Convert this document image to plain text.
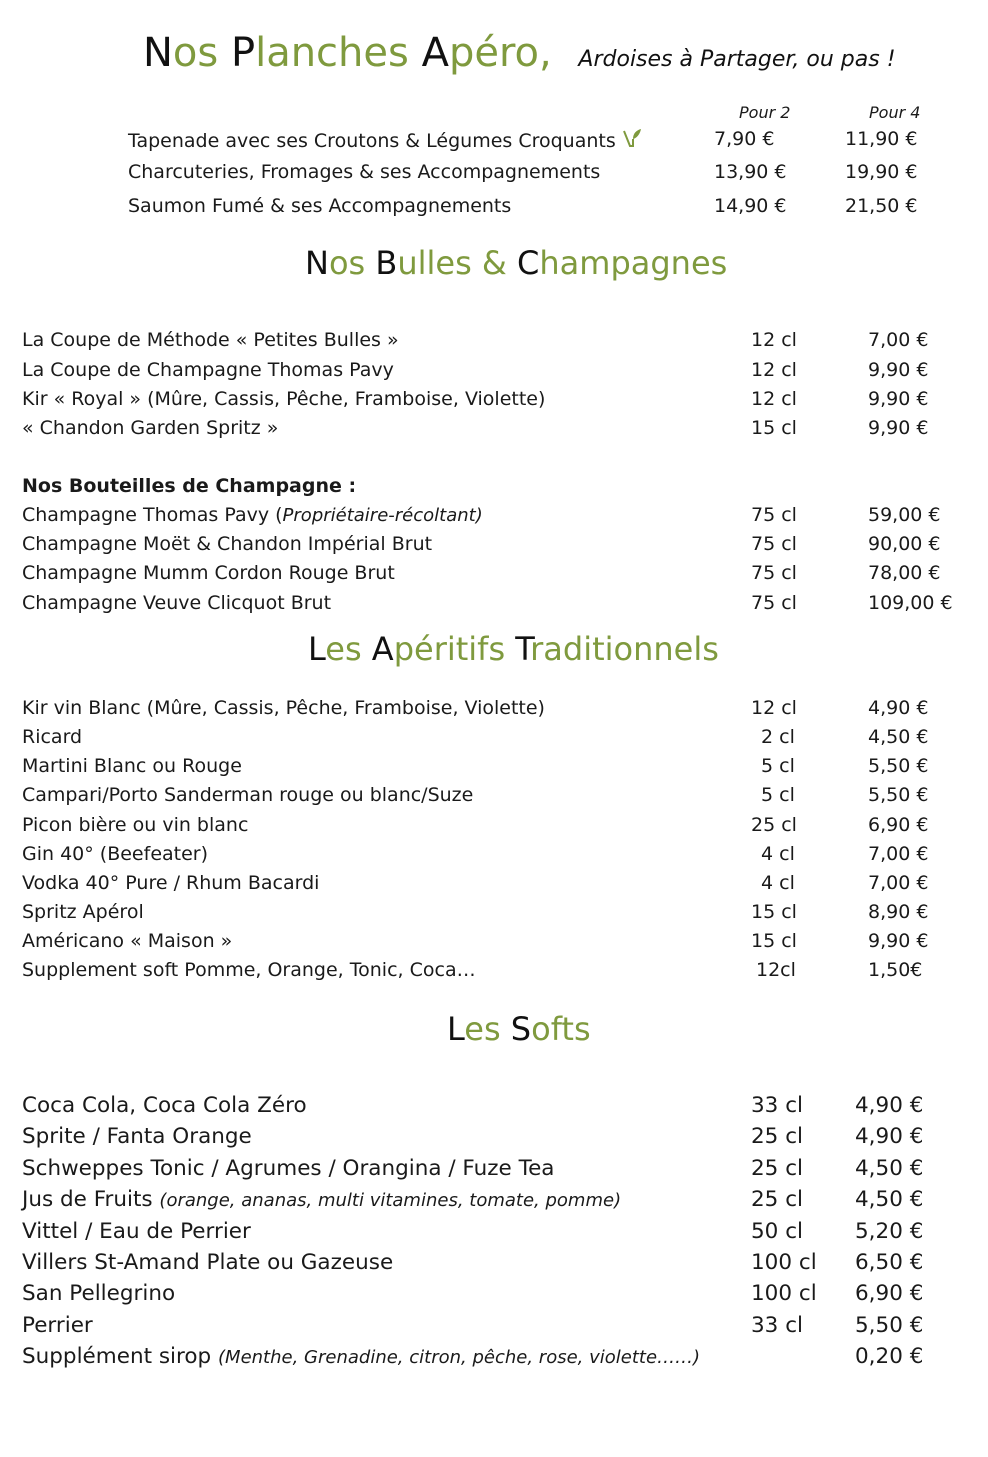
Nos Planches Apéro, Ardoises à Partager, ou pas !
Pour 2	Pour 4
Tapenade avec ses Croutons & Légumes Croquants	7,90 €	11,90 €
Charcuteries, Fromages & ses Accompagnements	13,90 €	19,90 €
Saumon Fumé & ses Accompagnements	14,90 €	21,50 €
Nos Bulles & Champagnes
La Coupe de Méthode « Petites Bulles »	12 cl	7,00 €
La Coupe de Champagne Thomas Pavy	12 cl	9,90 €
Kir « Royal » (Mûre, Cassis, Pêche, Framboise, Violette)	12 cl	9,90 €
« Chandon Garden Spritz »	15 cl	9,90 €
Nos Bouteilles de Champagne :
Champagne Thomas Pavy (Propriétaire-récoltant)	75 cl	59,00 €
Champagne Moët & Chandon Impérial Brut	75 cl	90,00 €
Champagne Mumm Cordon Rouge Brut	75 cl	78,00 €
Champagne Veuve Clicquot Brut	75 cl	109,00 €
Les Apéritifs Traditionnels
Kir vin Blanc (Mûre, Cassis, Pêche, Framboise, Violette)	12 cl	4,90 €
Ricard	2 cl	4,50 €
Martini Blanc ou Rouge	5 cl	5,50 €
Campari/Porto Sanderman rouge ou blanc/Suze	5 cl	5,50 €
Picon bière ou vin blanc	25 cl	6,90 €
Gin 40° (Beefeater)	4 cl	7,00 €
Vodka 40° Pure / Rhum Bacardi	4 cl	7,00 €
Spritz Apérol	15 cl	8,90 €
Américano « Maison »	15 cl	9,90 €
Supplement soft Pomme, Orange, Tonic, Coca…	12cl	1,50€
Les Softs
Coca Cola, Coca Cola Zéro	33 cl 4,90 €
Sprite / Fanta Orange	25 cl 4,90 €
Schweppes Tonic / Agrumes / Orangina / Fuze Tea	25 cl 4,50 €
Jus de Fruits (orange, ananas, multi vitamines, tomate, pomme)	25 cl 4,50 €
Vittel / Eau de Perrier	50 cl 5,20 €
Villers St-Amand Plate ou Gazeuse	100 cl 6,50 €
San Pellegrino	100 cl 6,90 €
Perrier	33 cl 5,50 €
Supplément sirop (Menthe, Grenadine, citron, pêche, rose, violette……)	0,20 €
